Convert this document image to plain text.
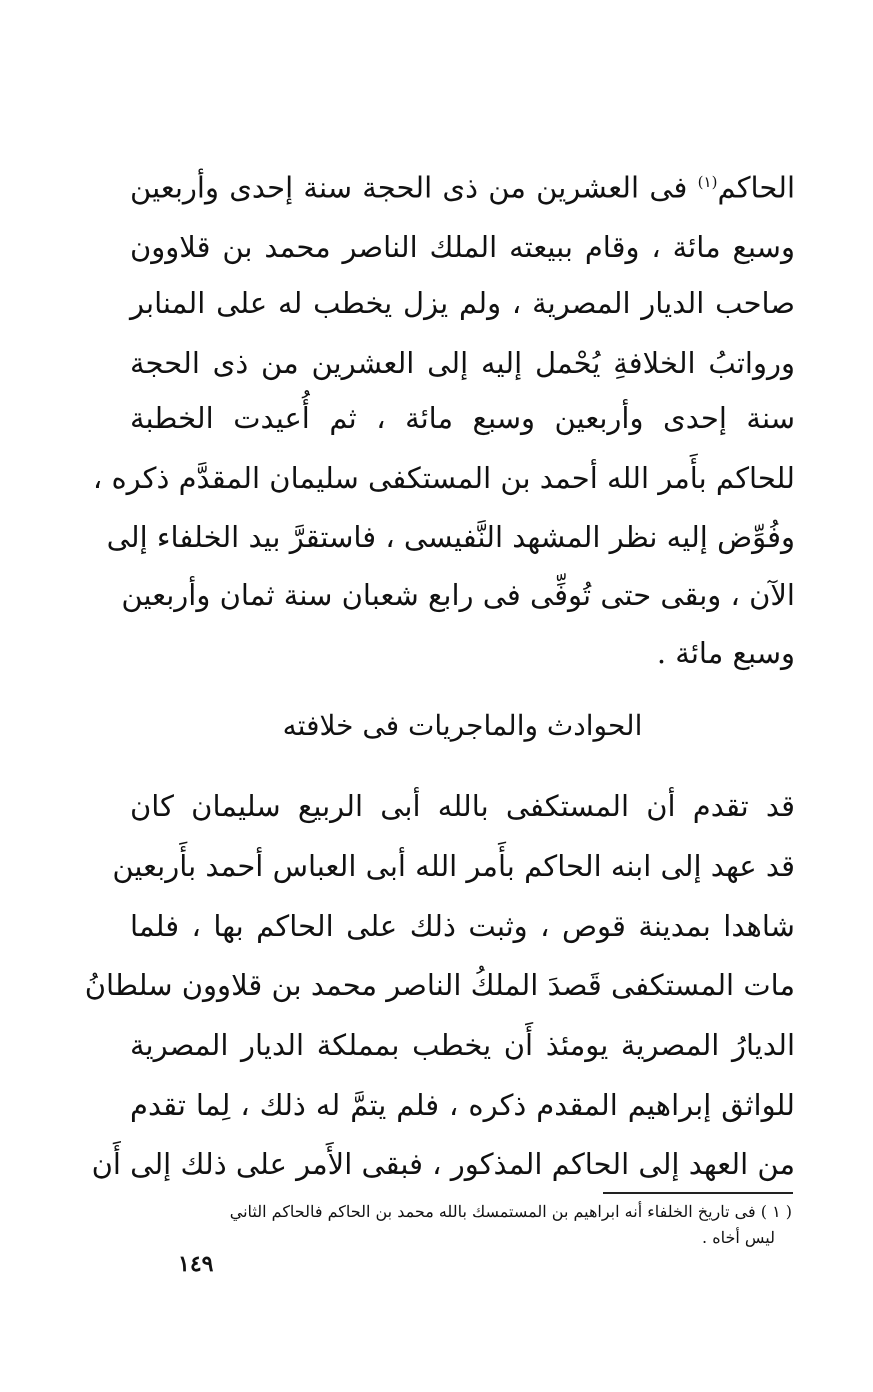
الحاكم$^{(١)}$ فى العشرين من ذى الحجة سنة إحدى وأربعين
وسبع مائة ، وقام ببيعته الملك الناصر محمد بن قلاوون
صاحب الديار المصرية ، ولم يزل يخطب له على المنابر
ورواتبُ الخلافةِ يُحْمل إليه إلى العشرين من ذى الحجة
سنة إحدى وأربعين وسبع مائة ، ثم أُعيدت الخطبة
للحاكم بأَمر الله أحمد بن المستكفى سليمان المقدَّم ذكره ،
وفُوِّض إليه نظر المشهد النَّفيسى ، فاستقرَّ بيد الخلفاء إلى
الآن ، وبقى حتى تُوفِّى فى رابع شعبان سنة ثمان وأربعين
وسبع مائة .
الحوادث والماجريات فى خلافته
قد تقدم أن المستكفى بالله أبى الربيع سليمان كان
قد عهد إلى ابنه الحاكم بأَمر الله أبى العباس أحمد بأَربعين
شاهدا بمدينة قوص ، وثبت ذلك على الحاكم بها ، فلما
مات المستكفى قَصدَ الملكُ الناصر محمد بن قلاوون سلطانُ
الديارُ المصرية يومئذ أَن يخطب بمملكة الديار المصرية
للواثق إبراهيم المقدم ذكره ، فلم يتمَّ له ذلك ، لِما تقدم
من العهد إلى الحاكم المذكور ، فبقى الأَمر على ذلك إلى أَن
( ١ ) فى تاريخ الخلفاء أنه ابراهيم بن المستمسك بالله محمد بن الحاكم فالحاكم الثاني
ليس أخاه .
١٤٩
